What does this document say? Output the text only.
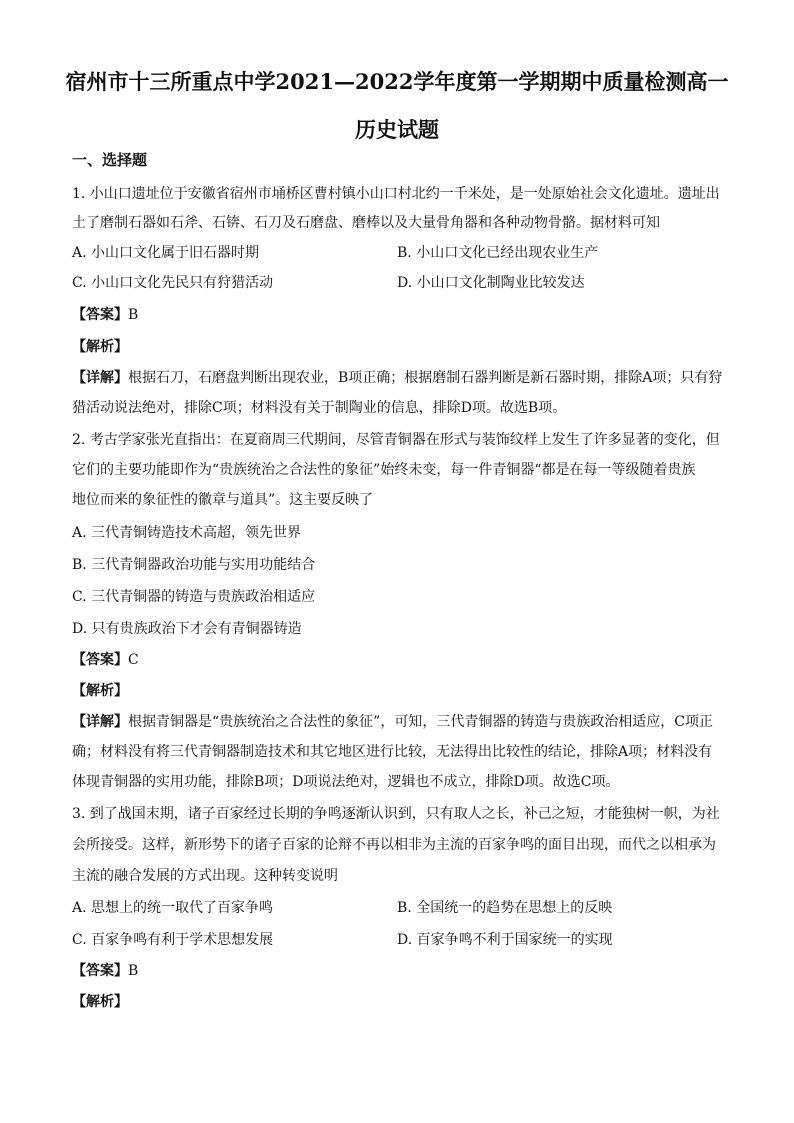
宿州市十三所重点中学2021—2022学年度第一学期期中质量检测高一
历史试题
一、选择题
1. 小山口遗址位于安徽省宿州市埇桥区曹村镇小山口村北约一千米处，是一处原始社会文化遗址。遗址出
土了磨制石器如石斧、石锛、石刀及石磨盘、磨棒以及大量骨角器和各种动物骨骼。据材料可知
A. 小山口文化属于旧石器时期	B. 小山口文化已经出现农业生产
C. 小山口文化先民只有狩猎活动	D. 小山口文化制陶业比较发达
【答案】B
【解析】
【详解】根据石刀，石磨盘判断出现农业，B项正确；根据磨制石器判断是新石器时期，排除A项；只有狩
猎活动说法绝对，排除C项；材料没有关于制陶业的信息，排除D项。故选B项。
2. 考古学家张光直指出：在夏商周三代期间，尽管青铜器在形式与装饰纹样上发生了许多显著的变化，但
它们的主要功能即作为“贵族统治之合法性的象征”始终未变，每一件青铜器“都是在每一等级随着贵族
地位而来的象征性的徽章与道具”。这主要反映了
A. 三代青铜铸造技术高超，领先世界
B. 三代青铜器政治功能与实用功能结合
C. 三代青铜器的铸造与贵族政治相适应
D. 只有贵族政治下才会有青铜器铸造
【答案】C
【解析】
【详解】根据青铜器是“贵族统治之合法性的象征”，可知，三代青铜器的铸造与贵族政治相适应，C项正
确；材料没有将三代青铜器制造技术和其它地区进行比较，无法得出比较性的结论，排除A项；材料没有
体现青铜器的实用功能，排除B项；D项说法绝对，逻辑也不成立，排除D项。故选C项。
3. 到了战国末期，诸子百家经过长期的争鸣逐渐认识到，只有取人之长，补己之短，才能独树一帜，为社
会所接受。这样，新形势下的诸子百家的论辩不再以相非为主流的百家争鸣的面目出现，而代之以相承为
主流的融合发展的方式出现。这种转变说明
A. 思想上的统一取代了百家争鸣	B. 全国统一的趋势在思想上的反映
C. 百家争鸣有利于学术思想发展	D. 百家争鸣不利于国家统一的实现
【答案】B
【解析】
